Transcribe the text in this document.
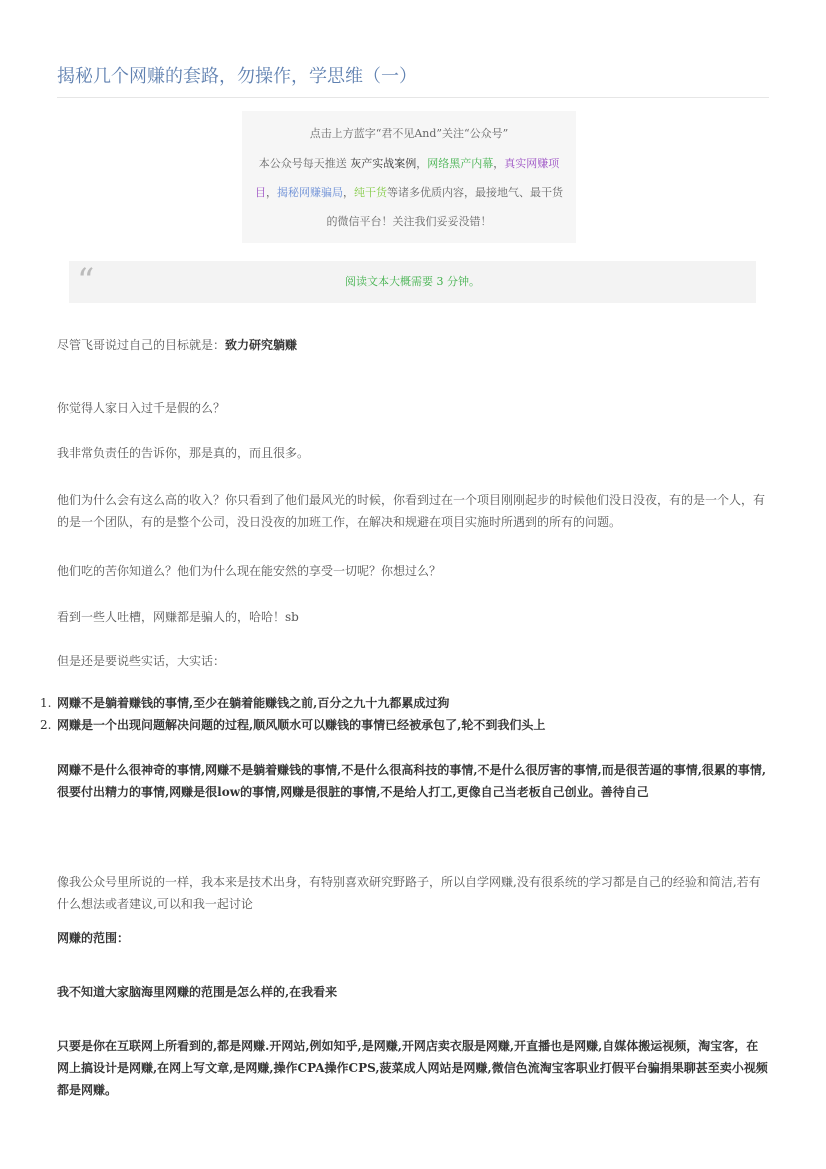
揭秘几个网赚的套路，勿操作，学思维（一）
点击上方蓝字“君不见And”关注“公众号”
本公众号每天推送 灰产实战案例，网络黑产内幕，真实网赚项目，揭秘网赚骗局，纯干货等诸多优质内容，最接地气、最干货的微信平台！关注我们妥妥没错！
“	阅读文本大概需要 3 分钟。
尽管飞哥说过自己的目标就是：致力研究躺赚
你觉得人家日入过千是假的么？
我非常负责任的告诉你，那是真的，而且很多。
他们为什么会有这么高的收入？你只看到了他们最风光的时候，你看到过在一个项目刚刚起步的时候他们没日没夜，有的是一个人，有的是一个团队，有的是整个公司，没日没夜的加班工作，在解决和规避在项目实施时所遇到的所有的问题。
他们吃的苦你知道么？他们为什么现在能安然的享受一切呢？你想过么？
看到一些人吐槽，网赚都是骗人的，哈哈！sb
但是还是要说些实话，大实话：
1. 网赚不是躺着赚钱的事情,至少在躺着能赚钱之前,百分之九十九都累成过狗
2. 网赚是一个出现问题解决问题的过程,顺风顺水可以赚钱的事情已经被承包了,轮不到我们头上
网赚不是什么很神奇的事情,网赚不是躺着赚钱的事情,不是什么很高科技的事情,不是什么很厉害的事情,而是很苦逼的事情,很累的事情,很要付出精力的事情,网赚是很low的事情,网赚是很脏的事情,不是给人打工,更像自己当老板自己创业。善待自己
像我公众号里所说的一样，我本来是技术出身，有特别喜欢研究野路子，所以自学网赚,没有很系统的学习都是自己的经验和简洁,若有什么想法或者建议,可以和我一起讨论
网赚的范围：
我不知道大家脑海里网赚的范围是怎么样的,在我看来
只要是你在互联网上所看到的,都是网赚.开网站,例如知乎,是网赚,开网店卖衣服是网赚,开直播也是网赚,自媒体搬运视频，淘宝客，在网上搞设计是网赚,在网上写文章,是网赚,操作CPA操作CPS,菠菜成人网站是网赚,微信色流淘宝客职业打假平台骗捐果聊甚至卖小视频都是网赚。
